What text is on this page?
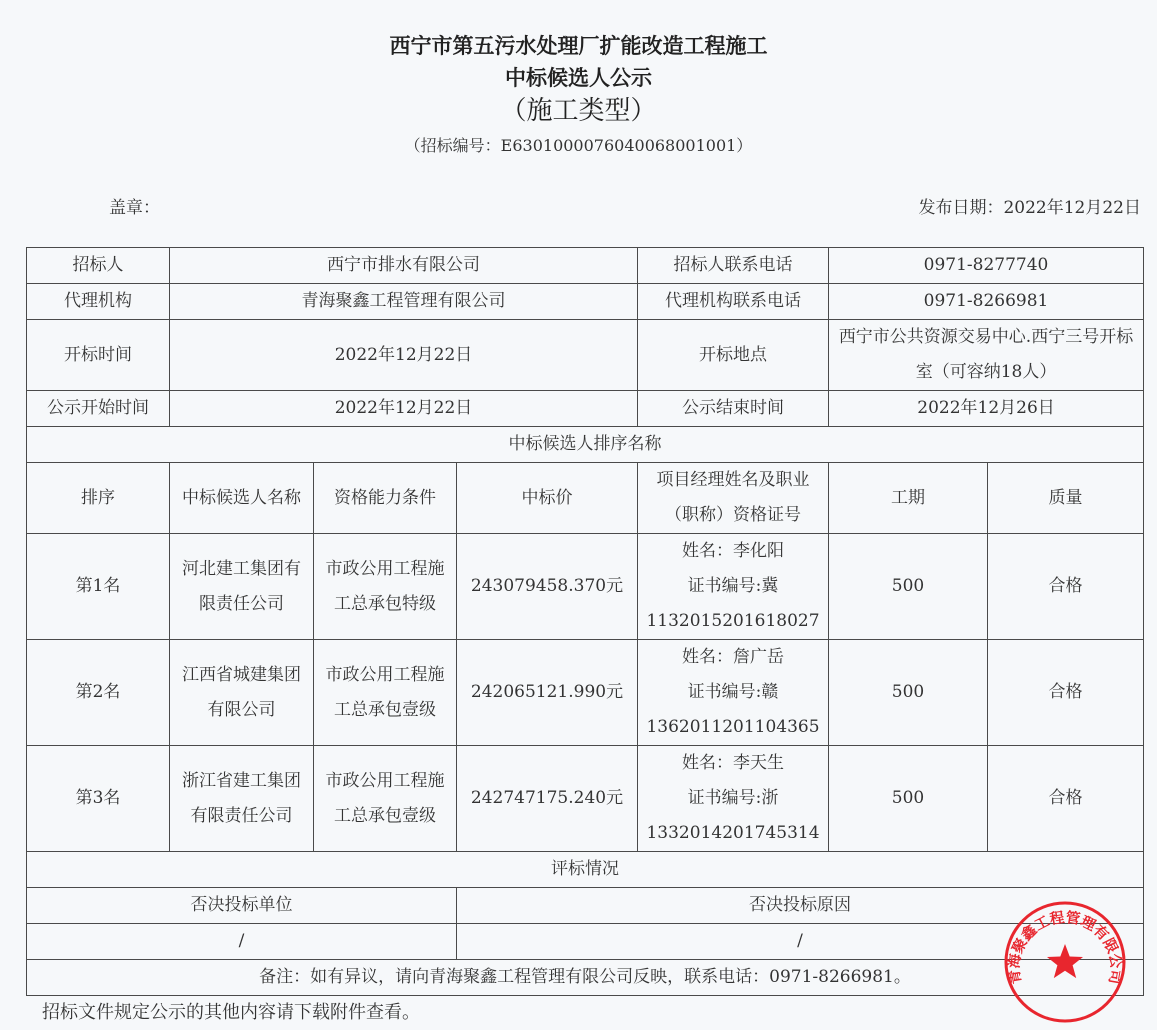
西宁市第五污水处理厂扩能改造工程施工
中标候选人公示
（施工类型）
（招标编号：E6301000076040068001001）
盖章：	发布日期：2022年12月22日
招标人	西宁市排水有限公司			招标人联系电话	0971-8277740	
代理机构	青海聚鑫工程管理有限公司			代理机构联系电话	0971-8266981	
开标时间	2022年12月22日			开标地点	西宁市公共资源交易中心.西宁三号开标室（可容纳18人）	
公示开始时间	2022年12月22日			公示结束时间	2022年12月26日	
中标候选人排序名称						
排序	中标候选人名称	资格能力条件	中标价	项目经理姓名及职业（职称）资格证号	工期	质量
第1名	河北建工集团有限责任公司	市政公用工程施工总承包特级	243079458.370元	姓名：李化阳
证书编号:冀
1132015201618027	500	合格
第2名	江西省城建集团有限公司	市政公用工程施工总承包壹级	242065121.990元	姓名：詹广岳
证书编号:赣
1362011201104365	500	合格
第3名	浙江省建工集团有限责任公司	市政公用工程施工总承包壹级	242747175.240元	姓名：李天生
证书编号:浙
1332014201745314	500	合格
评标情况						
否决投标单位			否决投标原因			
/			/			
备注：如有异议，请向青海聚鑫工程管理有限公司反映，联系电话：0971-8266981。							青海聚鑫工程管理有限公司
招标文件规定公示的其他内容请下载附件查看。
